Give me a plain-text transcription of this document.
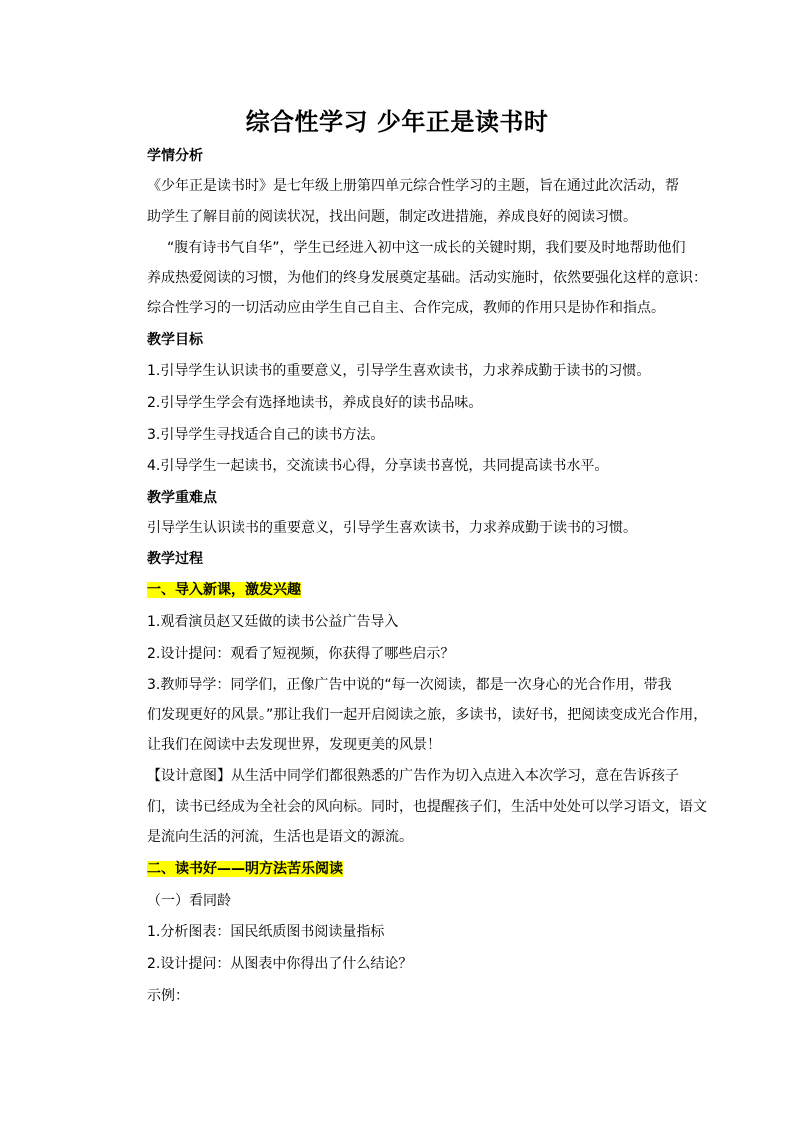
综合性学习 少年正是读书时

学情分析

《少年正是读书时》是七年级上册第四单元综合性学习的主题，旨在通过此次活动，帮

助学生了解目前的阅读状况，找出问题，制定改进措施，养成良好的阅读习惯。

“腹有诗书气自华”，学生已经进入初中这一成长的关键时期，我们要及时地帮助他们

养成热爱阅读的习惯，为他们的终身发展奠定基础。活动实施时，依然要强化这样的意识：

综合性学习的一切活动应由学生自己自主、合作完成，教师的作用只是协作和指点。

教学目标

1.引导学生认识读书的重要意义，引导学生喜欢读书，力求养成勤于读书的习惯。

2.引导学生学会有选择地读书，养成良好的读书品味。

3.引导学生寻找适合自己的读书方法。

4.引导学生一起读书，交流读书心得，分享读书喜悦，共同提高读书水平。

教学重难点

引导学生认识读书的重要意义，引导学生喜欢读书，力求养成勤于读书的习惯。

教学过程

一、导入新课，激发兴趣

1.观看演员赵又廷做的读书公益广告导入

2.设计提问：观看了短视频，你获得了哪些启示？

3.教师导学：同学们，正像广告中说的“每一次阅读，都是一次身心的光合作用，带我

们发现更好的风景。”那让我们一起开启阅读之旅，多读书，读好书，把阅读变成光合作用，

让我们在阅读中去发现世界，发现更美的风景！

【设计意图】从生活中同学们都很熟悉的广告作为切入点进入本次学习，意在告诉孩子

们，读书已经成为全社会的风向标。同时，也提醒孩子们，生活中处处可以学习语文，语文

是流向生活的河流，生活也是语文的源流。

二、读书好——明方法苦乐阅读

（一）看同龄

1.分析图表：国民纸质图书阅读量指标

2.设计提问：从图表中你得出了什么结论？

示例：
